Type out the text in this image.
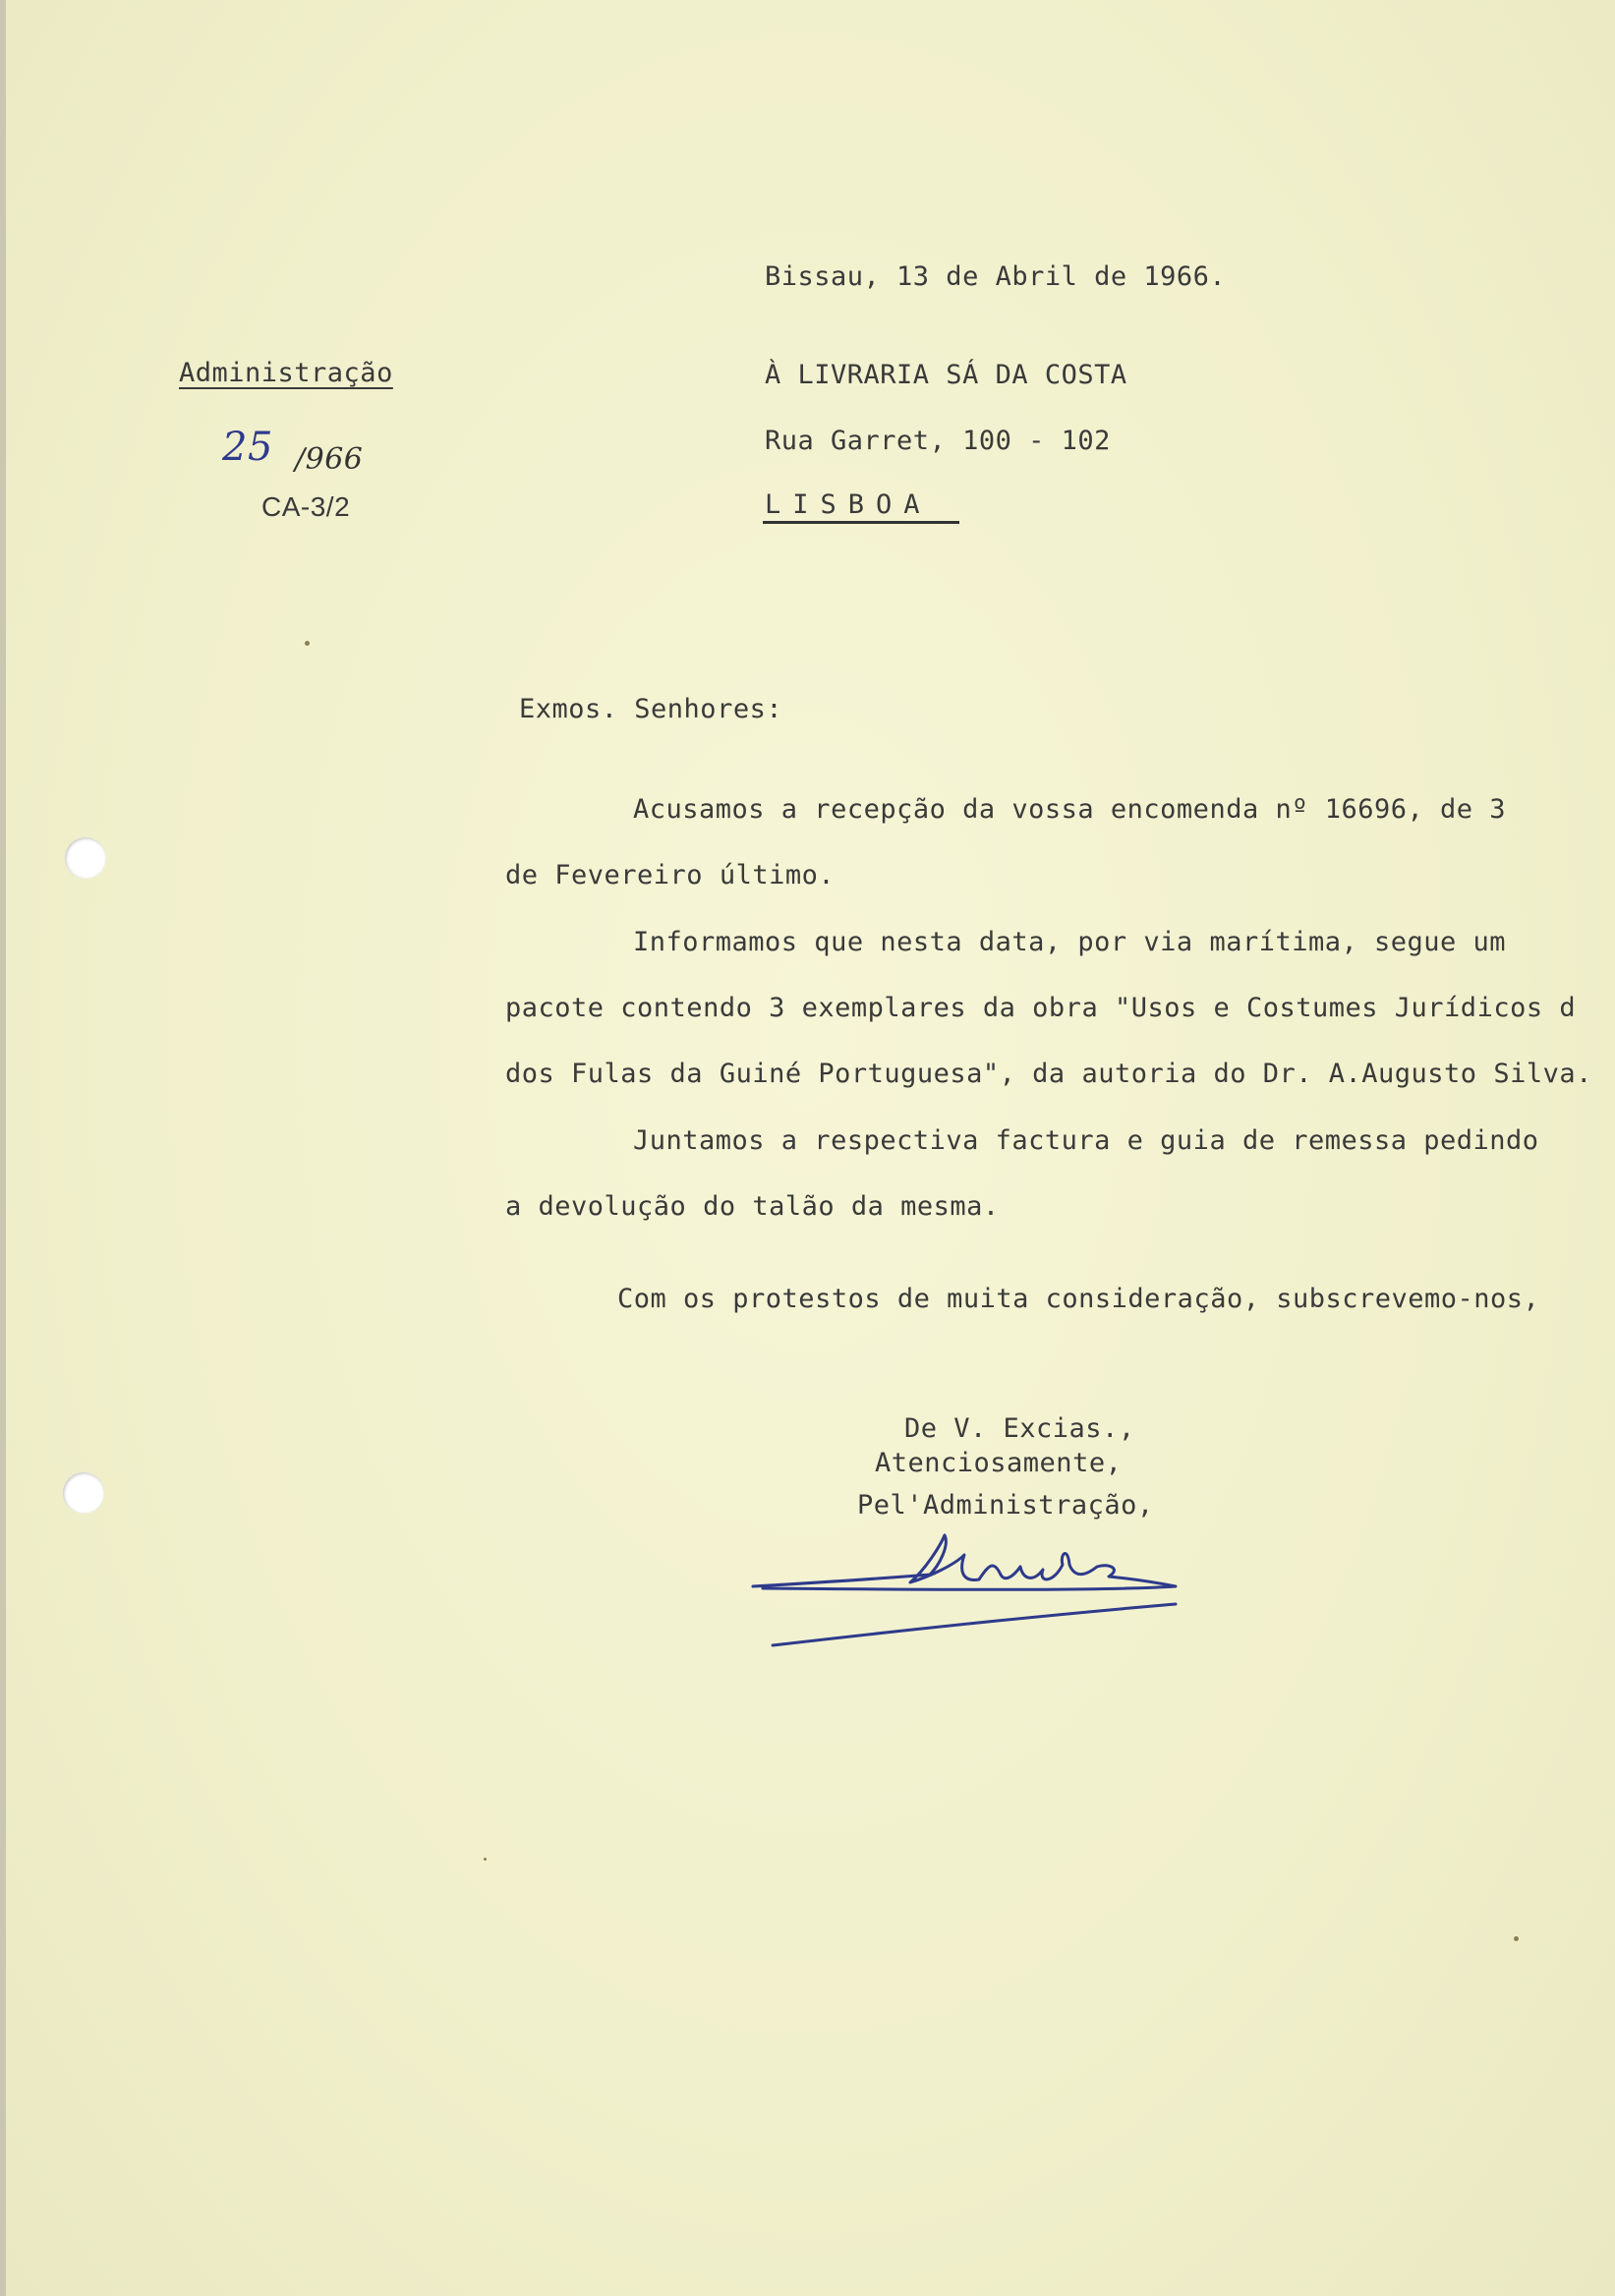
Administração
25 /966
CA-3/2
Bissau, 13 de Abril de 1966.
À LIVRARIA SÁ DA COSTA
Rua Garret, 100 - 102
LISBOA
Exmos. Senhores:
Acusamos a recepção da vossa encomenda nº 16696, de 3
de Fevereiro último.
Informamos que nesta data, por via marítima, segue um
pacote contendo 3 exemplares da obra "Usos e Costumes Jurídicos d
dos Fulas da Guiné Portuguesa", da autoria do Dr. A.Augusto Silva.
Juntamos a respectiva factura e guia de remessa pedindo
a devolução do talão da mesma.
Com os protestos de muita consideração, subscrevemo-nos,
De V. Excias.,
Atenciosamente,
Pel'Administração,
